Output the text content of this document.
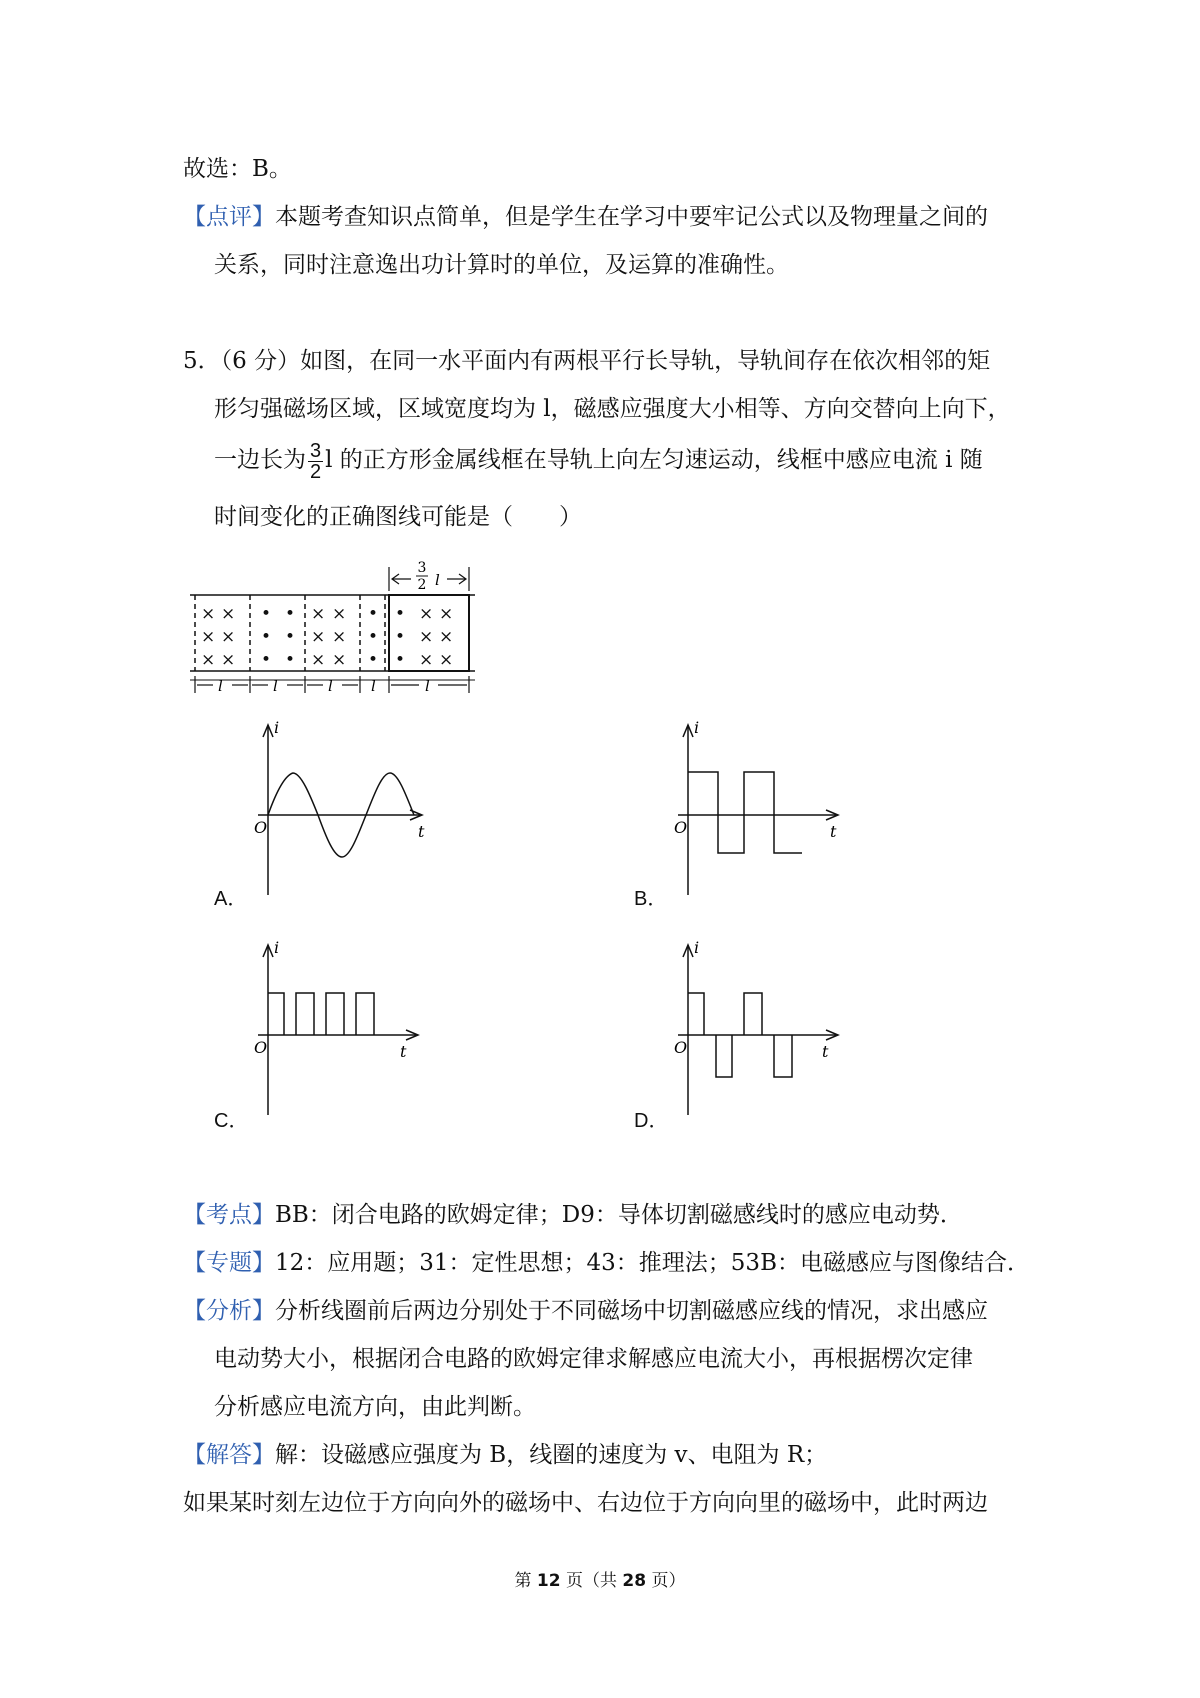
故选：B。
【点评】本题考查知识点简单，但是学生在学习中要牢记公式以及物理量之间的
关系，同时注意逸出功计算时的单位，及运算的准确性。
5．（6 分）如图，在同一水平面内有两根平行长导轨，导轨间存在依次相邻的矩
形匀强磁场区域，区域宽度均为 l，磁感应强度大小相等、方向交替向上向下，
一边长为 $\frac{3}{2}$ l 的正方形金属线框在导轨上向左匀速运动，线框中感应电流 i 随
时间变化的正确图线可能是（　　）
3
2 l
× ×
× ×
× ×
• •
• •
• •
× ×
× ×
× ×
•
•
•
•
•
•
× ×
× ×
× ×
l	l	l	l	l
i
O	t
A．
i
O	t
B．
i
O	t
C．
i
O	t
D．
【考点】BB：闭合电路的欧姆定律；D9：导体切割磁感线时的感应电动势．
【专题】12：应用题；31：定性思想；43：推理法；53B：电磁感应与图像结合．
【分析】分析线圈前后两边分别处于不同磁场中切割磁感应线的情况，求出感应
电动势大小，根据闭合电路的欧姆定律求解感应电流大小，再根据楞次定律
分析感应电流方向，由此判断。
【解答】解：设磁感应强度为 B，线圈的速度为 v、电阻为 R；
如果某时刻左边位于方向向外的磁场中、右边位于方向向里的磁场中，此时两边
第 12 页（共 28 页）
